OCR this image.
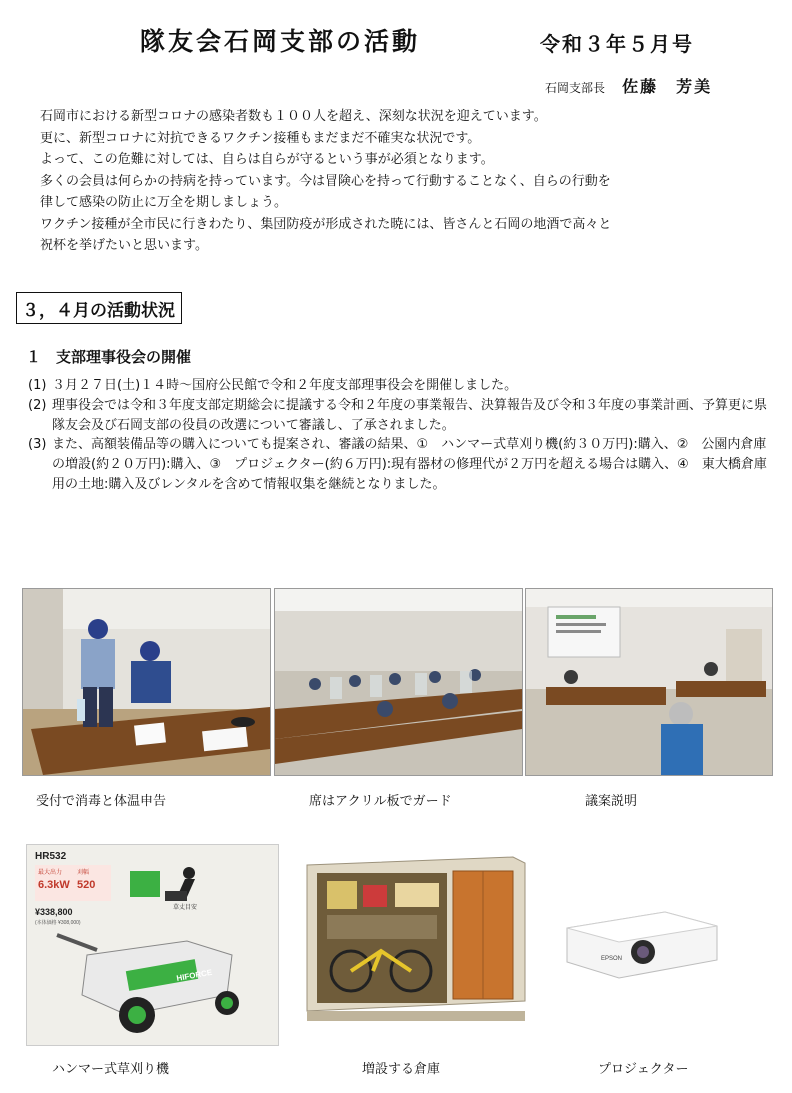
隊友会石岡支部の活動	令和３年５月号
石岡支部長 佐藤　芳美

石岡市における新型コロナの感染者数も１００人を超え、深刻な状況を迎えています。

更に、新型コロナに対抗できるワクチン接種もまだまだ不確実な状況です。

よって、この危難に対しては、自らは自らが守るという事が必須となります。

多くの会員は何らかの持病を持っています。今は冒険心を持って行動することなく、自らの行動を

律して感染の防止に万全を期しましょう。

ワクチン接種が全市民に行きわたり、集団防疫が形成された暁には、皆さんと石岡の地酒で高々と

祝杯を挙げたいと思います。

３，４月の活動状況
１　支部理事役会の開催
(1) ３月２７日(土)１４時～国府公民館で令和２年度支部理事役会を開催しました。
(2) 理事役会では令和３年度支部定期総会に提議する令和２年度の事業報告、決算報告及び令和３年度の事業計画、予算更に県隊友会及び石岡支部の役員の改選について審議し、了承されました。
(3) また、高額装備品等の購入についても提案され、審議の結果、①　ハンマー式草刈り機(約３０万円):購入、②　公園内倉庫の増設(約２０万円):購入、③　プロジェクター(約６万円):現有器材の修理代が２万円を超える場合は購入、④　東大橋倉庫用の土地:購入及びレンタルを含めて情報収集を継続となりました。
受付で消毒と体温申告	席はアクリル板でガード	議案説明
HR532
最大出力
6.3kW
刈幅
520
¥338,800
(本体価格 ¥308,000)
草丈目安
HIFORCE
EPSON
ハンマー式草刈り機	増設する倉庫	プロジェクター
